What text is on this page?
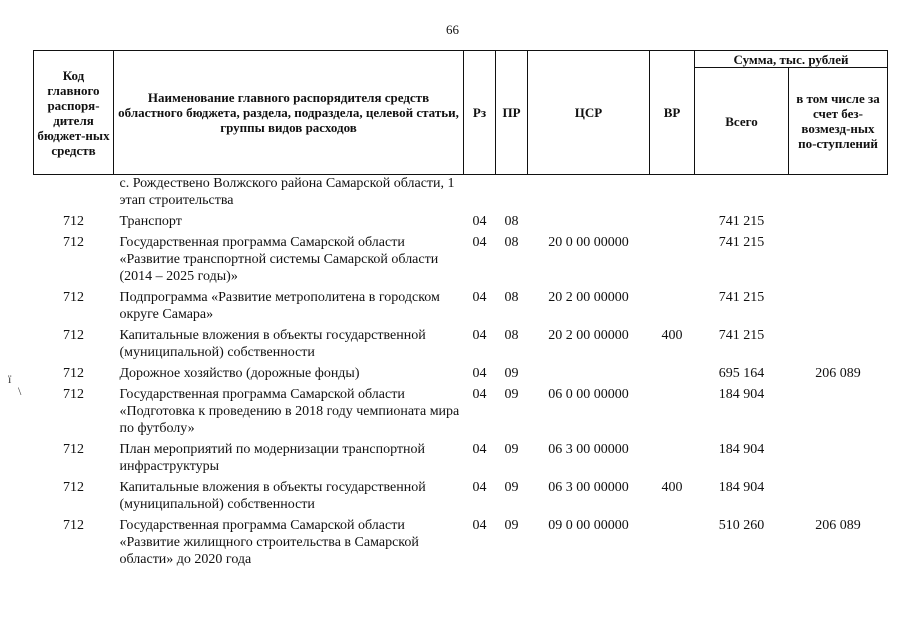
66
ї
\
Код главного распоря-дителя бюджет-ных средств	Наименование главного распорядителя средств областного бюджета, раздела, подраздела, целевой статьи, группы видов расходов	Рз	ПР	ЦСР	ВР	Сумма, тыс. рублей	
						Всего	в том числе за счет без-возмезд-ных по-ступлений
	с. Рождествено Волжского района Самарской области, 1 этап строительства						
712	Транспорт	04	08			741 215	
712	Государственная программа Самарской области «Развитие транспортной системы Самарской области (2014 – 2025 годы)»	04	08	20 0 00 00000		741 215	
712	Подпрограмма «Развитие метрополитена в городском округе Самара»	04	08	20 2 00 00000		741 215	
712	Капитальные вложения в объекты государственной (муниципальной) собственности	04	08	20 2 00 00000	400	741 215	
712	Дорожное хозяйство (дорожные фонды)	04	09			695 164	206 089
712	Государственная программа Самарской области «Подготовка к проведению в 2018 году чемпионата мира по футболу»	04	09	06 0 00 00000		184 904	
712	План мероприятий по модернизации транспортной инфраструктуры	04	09	06 3 00 00000		184 904	
712	Капитальные вложения в объекты государственной (муниципальной) собственности	04	09	06 3 00 00000	400	184 904	
712	Государственная программа Самарской области «Развитие жилищного строительства в Самарской области» до 2020 года	04	09	09 0 00 00000		510 260	206 089
